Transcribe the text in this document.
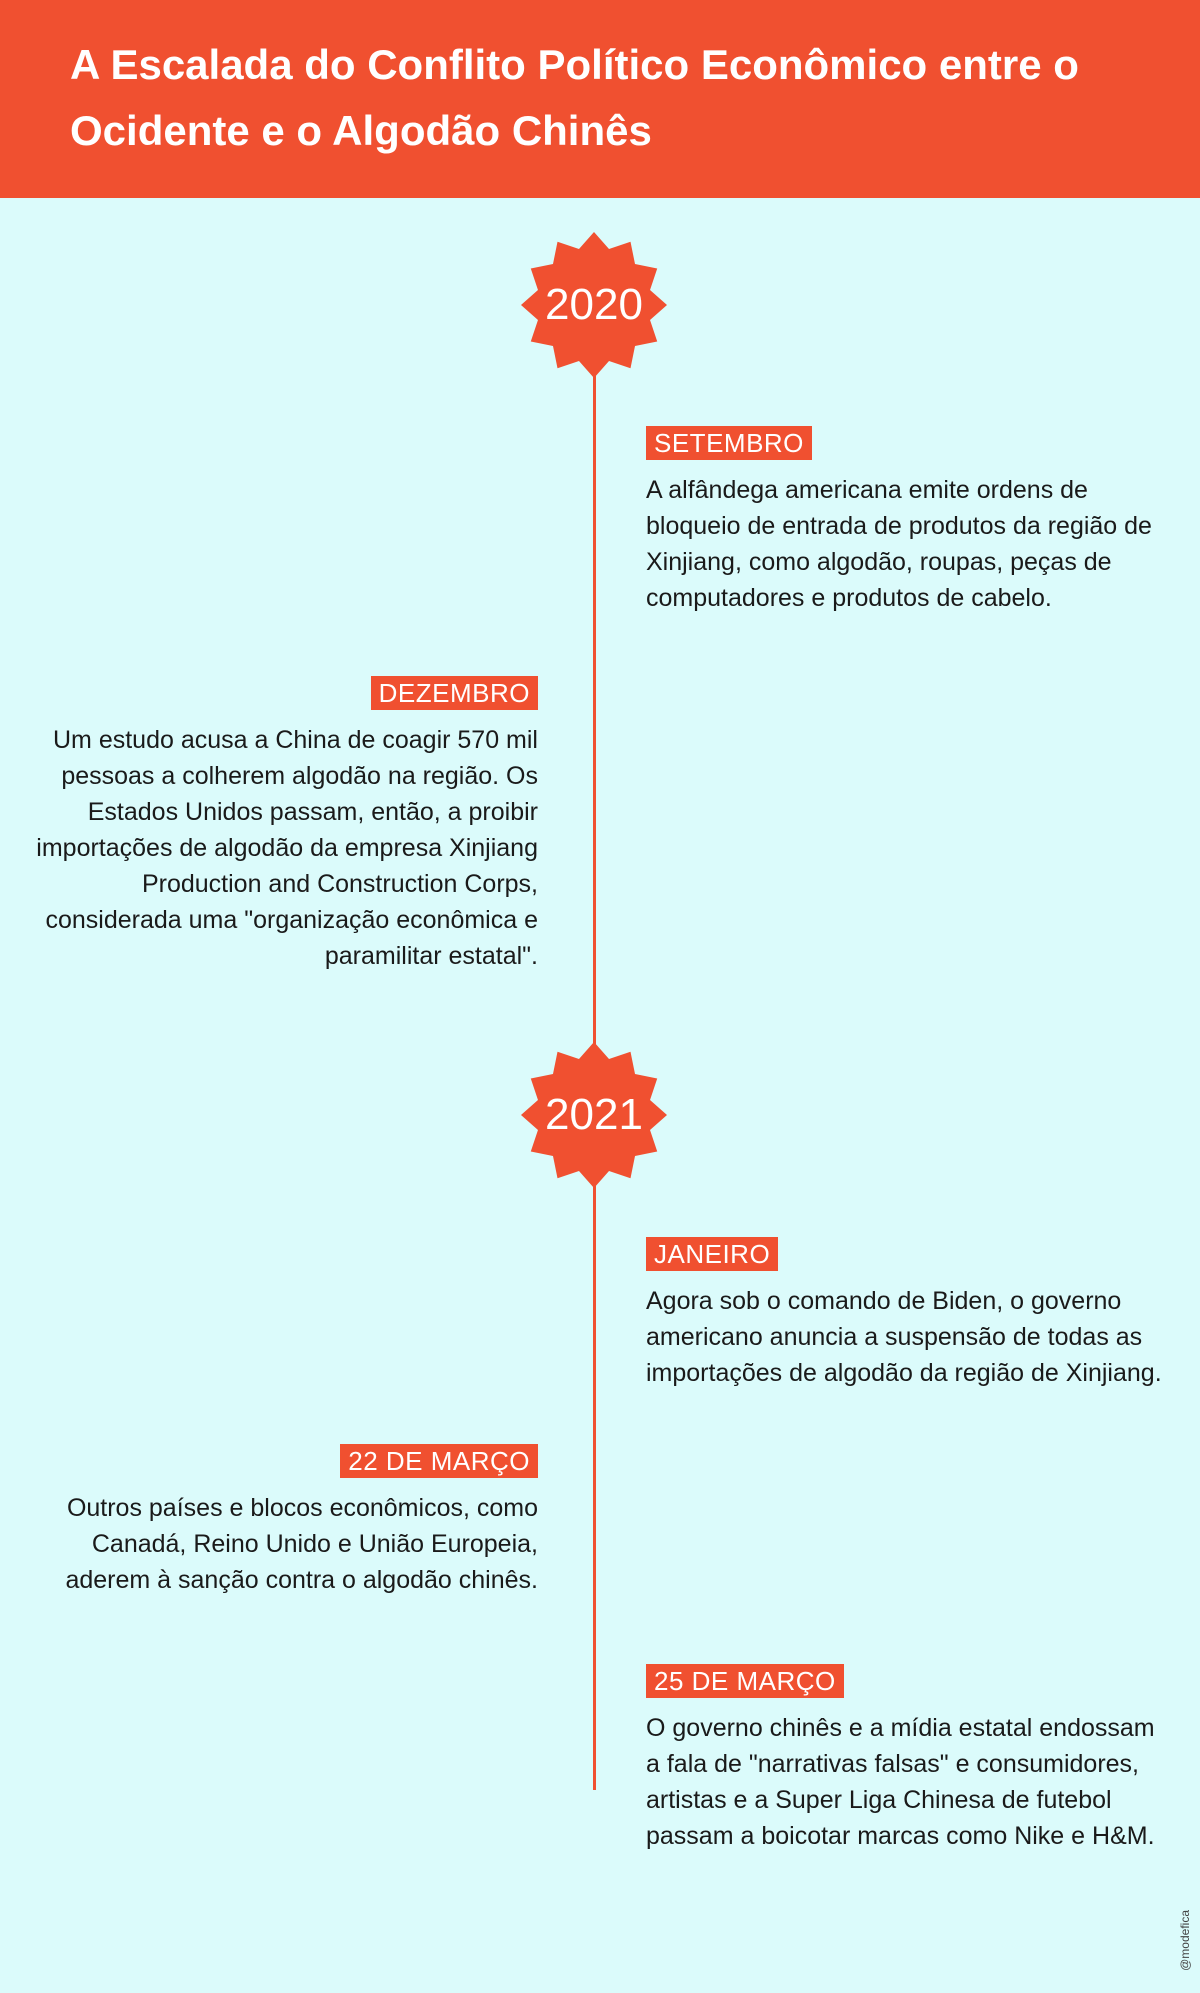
A Escalada do Conflito Político Econômico entre o Ocidente e o Algodão Chinês
2020
SETEMBRO

A alfândega americana emite ordens de bloqueio de entrada de produtos da região de Xinjiang, como algodão, roupas, peças de computadores e produtos de cabelo.

DEZEMBRO

Um estudo acusa a China de coagir 570 mil pessoas a colherem algodão na região. Os Estados Unidos passam, então, a proibir importações de algodão da empresa Xinjiang Production and Construction Corps, considerada uma "organização econômica e paramilitar estatal".

2021
JANEIRO

Agora sob o comando de Biden, o governo americano anuncia a suspensão de todas as importações de algodão da região de Xinjiang.

22 DE MARÇO

Outros países e blocos econômicos, como Canadá, Reino Unido e União Europeia, aderem à sanção contra o algodão chinês.

25 DE MARÇO

O governo chinês e a mídia estatal endossam a fala de "narrativas falsas" e consumidores, artistas e a Super Liga Chinesa de futebol passam a boicotar marcas como Nike e H&M.

@modefica
